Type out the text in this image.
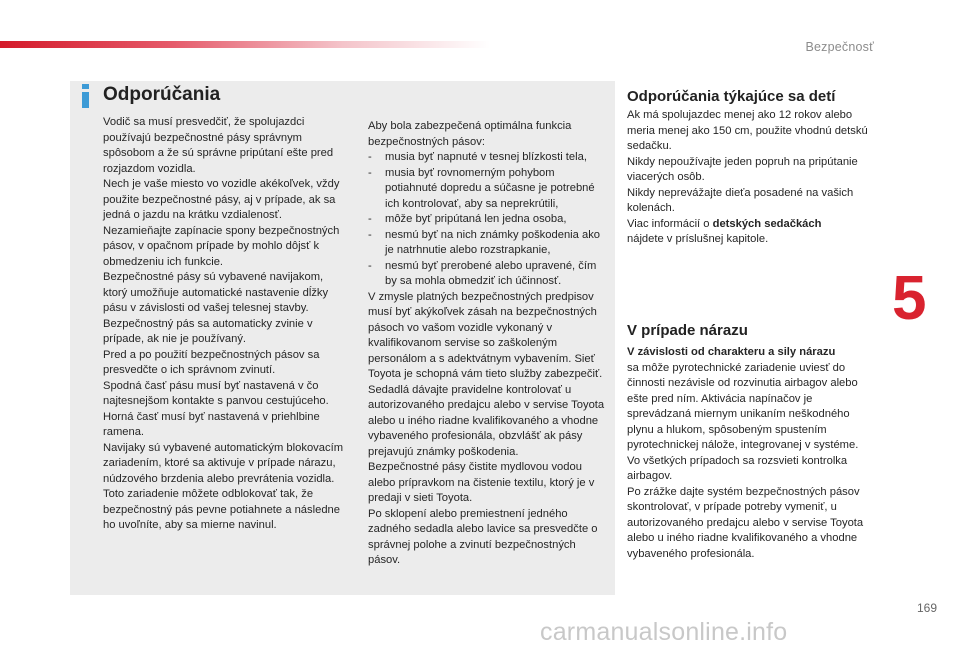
Bezpečnosť
5
Odporúčania

Vodič sa musí presvedčiť, že spolujazdci používajú bezpečnostné pásy správnym spôsobom a že sú správne pripútaní ešte pred rozjazdom vozidla.

Nech je vaše miesto vo vozidle akékoľvek, vždy použite bezpečnostné pásy, aj v prípade, ak sa jedná o jazdu na krátku vzdialenosť.

Nezamieňajte zapínacie spony bezpečnostných pásov, v opačnom prípade by mohlo dôjsť k obmedzeniu ich funkcie.

Bezpečnostné pásy sú vybavené navijakom, ktorý umožňuje automatické nastavenie dĺžky pásu v závislosti od vašej telesnej stavby. Bezpečnostný pás sa automaticky zvinie v prípade, ak nie je používaný.

Pred a po použití bezpečnostných pásov sa presvedčte o ich správnom zvinutí.

Spodná časť pásu musí byť nastavená v čo najtesnejšom kontakte s panvou cestujúceho.

Horná časť musí byť nastavená v priehlbine ramena.

Navijaky sú vybavené automatickým blokovacím zariadením, ktoré sa aktivuje v prípade nárazu, núdzového brzdenia alebo prevrátenia vozidla. Toto zariadenie môžete odblokovať tak, že bezpečnostný pás pevne potiahnete a následne ho uvoľníte, aby sa mierne navinul.

Aby bola zabezpečená optimálna funkcia bezpečnostných pásov:

- musia byť napnuté v tesnej blízkosti tela,

- musia byť rovnomerným pohybom potiahnuté dopredu a súčasne je potrebné ich kontrolovať, aby sa neprekrútili,

- môže byť pripútaná len jedna osoba,

- nesmú byť na nich známky poškodenia ako je natrhnutie alebo rozstrapkanie,

- nesmú byť prerobené alebo upravené, čím by sa mohla obmedziť ich účinnosť.

V zmysle platných bezpečnostných predpisov musí byť akýkoľvek zásah na bezpečnostných pásoch vo vašom vozidle vykonaný v kvalifikovanom servise so zaškoleným personálom a s adektvátnym vybavením. Sieť Toyota je schopná vám tieto služby zabezpečiť.

Sedadlá dávajte pravidelne kontrolovať u autorizovaného predajcu alebo v servise Toyota alebo u iného riadne kvalifikovaného a vhodne vybaveného profesionála, obzvlášť ak pásy prejavujú známky poškodenia.

Bezpečnostné pásy čistite mydlovou vodou alebo prípravkom na čistenie textilu, ktorý je v predaji v sieti Toyota.

Po sklopení alebo premiestnení jedného zadného sedadla alebo lavice sa presvedčte o správnej polohe a zvinutí bezpečnostných pásov.

Odporúčania týkajúce sa detí

Ak má spolujazdec menej ako 12 rokov alebo meria menej ako 150 cm, použite vhodnú detskú sedačku.

Nikdy nepoužívajte jeden popruh na pripútanie viacerých osôb.

Nikdy neprevážajte dieťa posadené na vašich kolenách.

Viac informácií o detských sedačkách
nájdete v príslušnej kapitole.

V prípade nárazu

V závislosti od charakteru a sily nárazu
sa môže pyrotechnické zariadenie uviesť do činnosti nezávisle od rozvinutia airbagov alebo ešte pred ním. Aktivácia napínačov je sprevádzaná miernym unikaním neškodného plynu a hlukom, spôsobeným spustením pyrotechnickej nálože, integrovanej v systéme.

Vo všetkých prípadoch sa rozsvieti kontrolka airbagov.

Po zrážke dajte systém bezpečnostných pásov skontrolovať, v prípade potreby vymeniť, u autorizovaného predajcu alebo v servise Toyota alebo u iného riadne kvalifikovaného a vhodne vybaveného profesionála.

169
carmanualsonline.info
